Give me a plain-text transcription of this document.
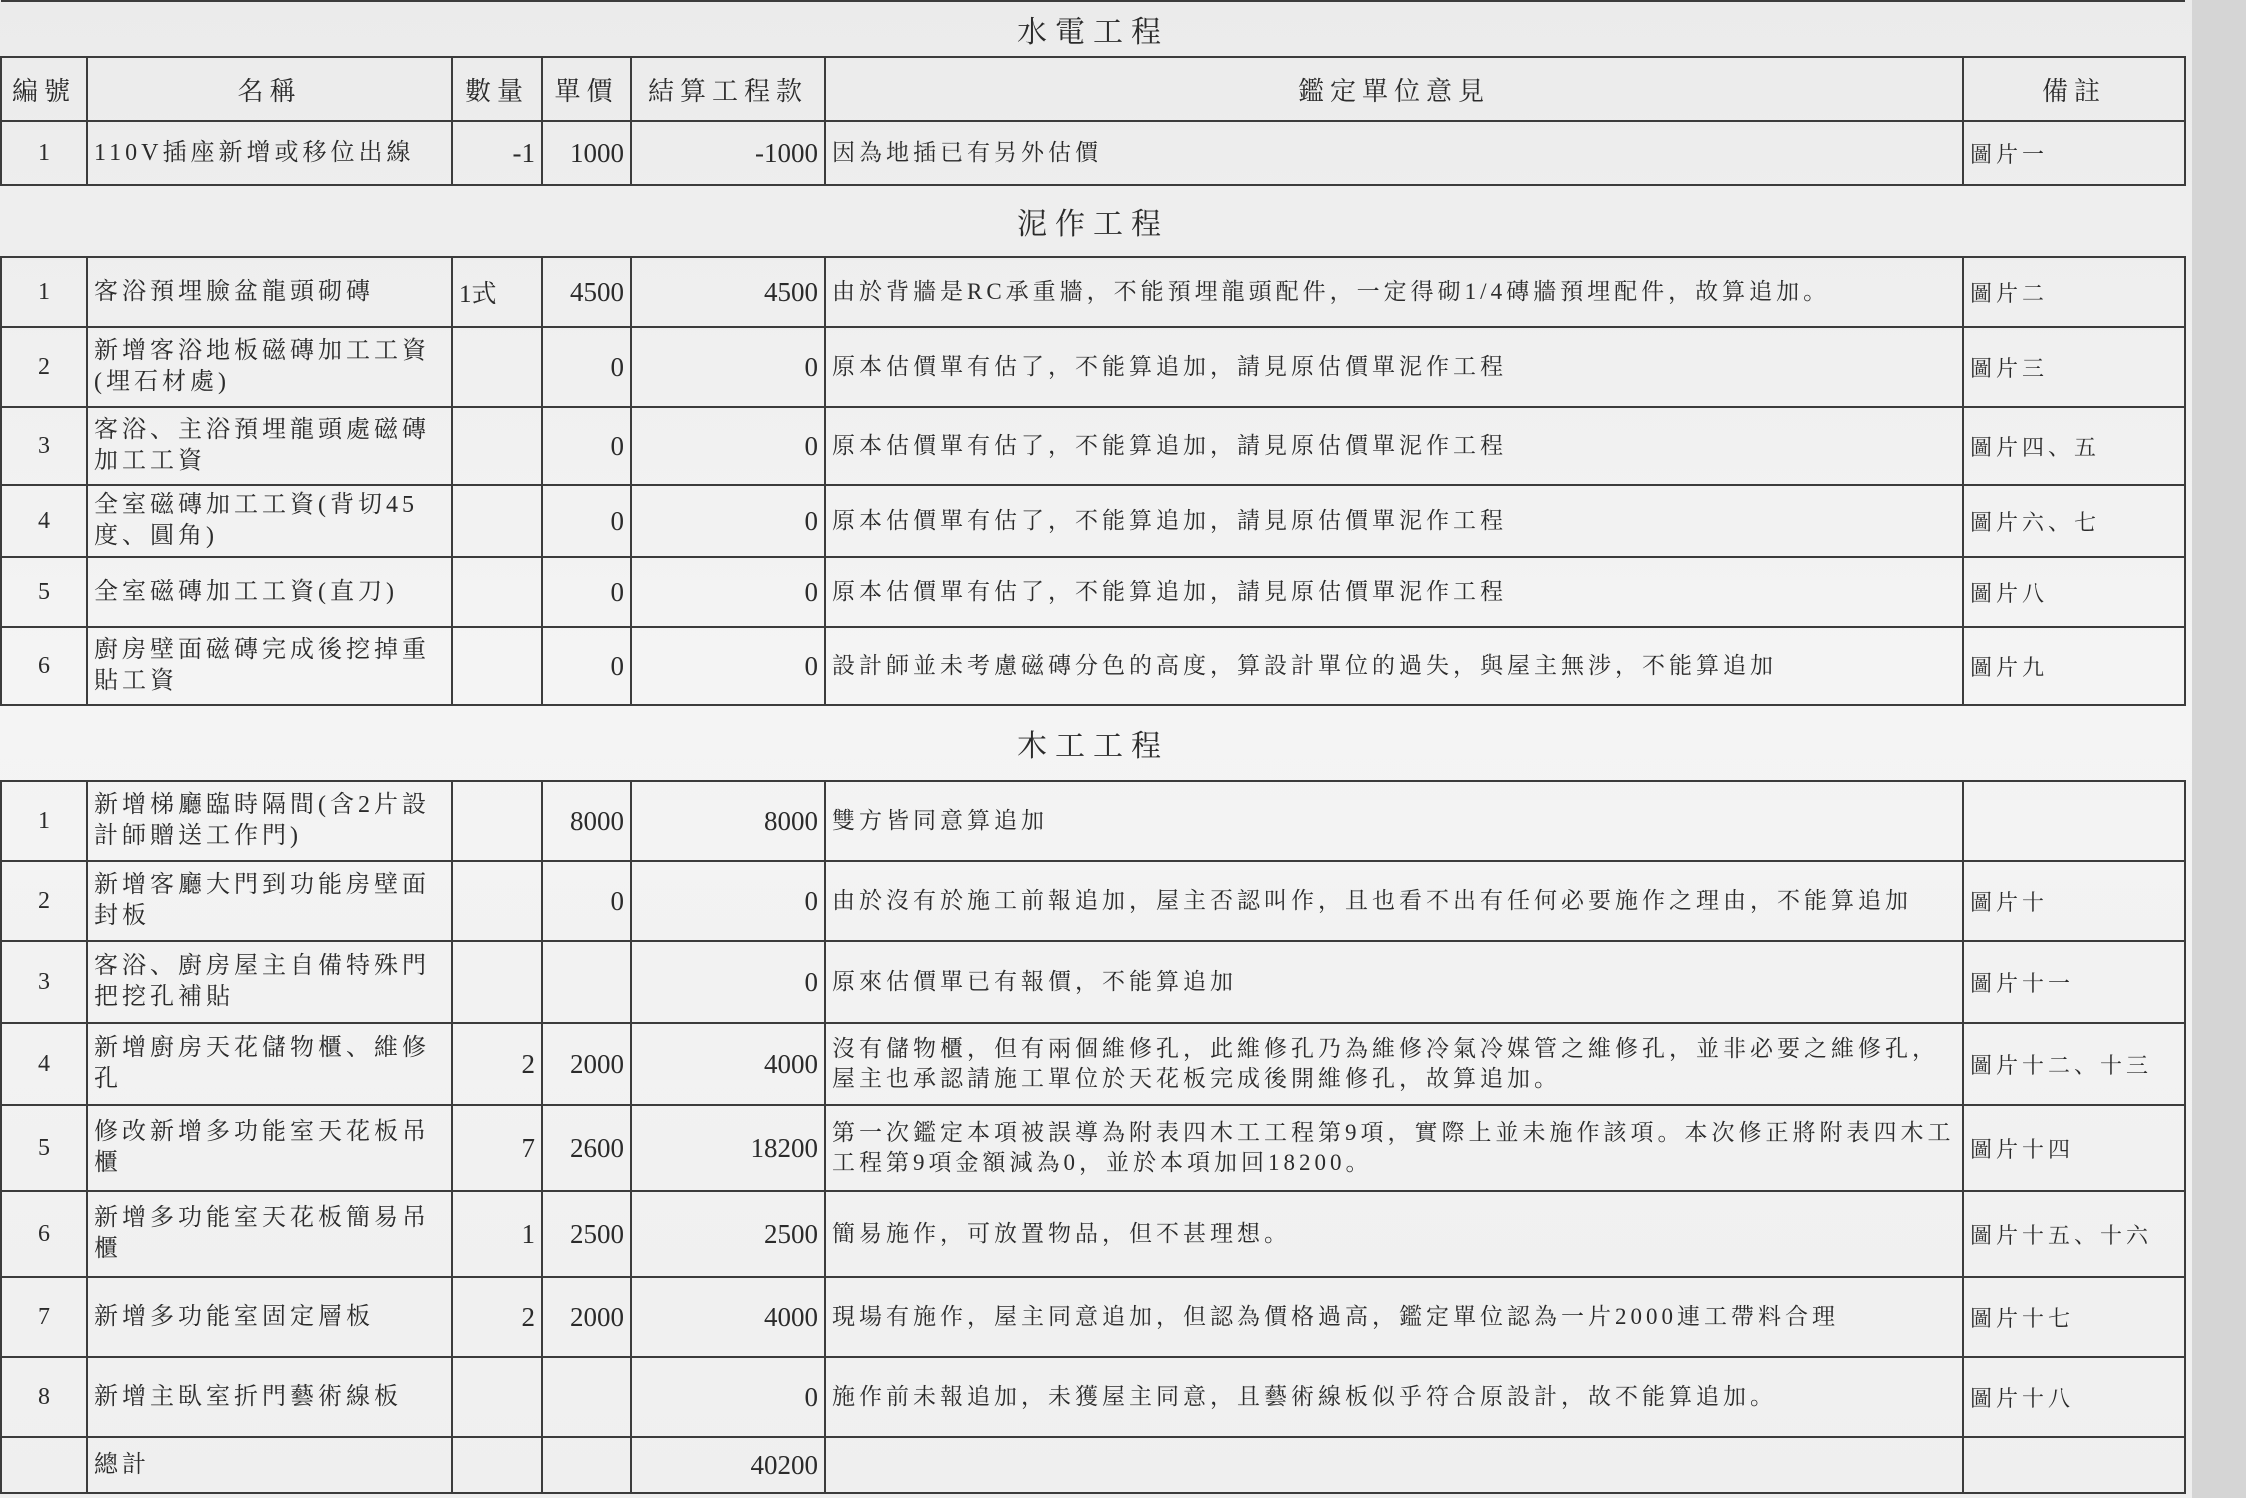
水電工程						
編號	名稱	數量	單價	結算工程款	鑑定單位意見	備註
1	110V插座新增或移位出線	-1	1000	-1000	因為地插已有另外估價	圖片一
泥作工程						
1	客浴預埋臉盆龍頭砌磚	1式	4500	4500	由於背牆是RC承重牆，不能預埋龍頭配件，一定得砌1/4磚牆預埋配件，故算追加。	圖片二
2	新增客浴地板磁磚加工工資(埋石材處)		0	0	原本估價單有估了，不能算追加，請見原估價單泥作工程	圖片三
3	客浴、主浴預埋龍頭處磁磚加工工資		0	0	原本估價單有估了，不能算追加，請見原估價單泥作工程	圖片四、五
4	全室磁磚加工工資(背切45度、圓角)		0	0	原本估價單有估了，不能算追加，請見原估價單泥作工程	圖片六、七
5	全室磁磚加工工資(直刀)		0	0	原本估價單有估了，不能算追加，請見原估價單泥作工程	圖片八
6	廚房壁面磁磚完成後挖掉重貼工資		0	0	設計師並未考慮磁磚分色的高度，算設計單位的過失，與屋主無涉，不能算追加	圖片九
木工工程						
1	新增梯廳臨時隔間(含2片設計師贈送工作門)		8000	8000	雙方皆同意算追加	
2	新增客廳大門到功能房壁面封板		0	0	由於沒有於施工前報追加，屋主否認叫作，且也看不出有任何必要施作之理由，不能算追加	圖片十
3	客浴、廚房屋主自備特殊門把挖孔補貼			0	原來估價單已有報價，不能算追加	圖片十一
4	新增廚房天花儲物櫃、維修孔	2	2000	4000	沒有儲物櫃，但有兩個維修孔，此維修孔乃為維修冷氣冷媒管之維修孔，並非必要之維修孔，屋主也承認請施工單位於天花板完成後開維修孔，故算追加。	圖片十二、十三
5	修改新增多功能室天花板吊櫃	7	2600	18200	第一次鑑定本項被誤導為附表四木工工程第9項，實際上並未施作該項。本次修正將附表四木工工程第9項金額減為0，並於本項加回18200。	圖片十四
6	新增多功能室天花板簡易吊櫃	1	2500	2500	簡易施作，可放置物品，但不甚理想。	圖片十五、十六
7	新增多功能室固定層板	2	2000	4000	現場有施作，屋主同意追加，但認為價格過高，鑑定單位認為一片2000連工帶料合理	圖片十七
8	新增主臥室折門藝術線板			0	施作前未報追加，未獲屋主同意，且藝術線板似乎符合原設計，故不能算追加。	圖片十八
	總計			40200		
